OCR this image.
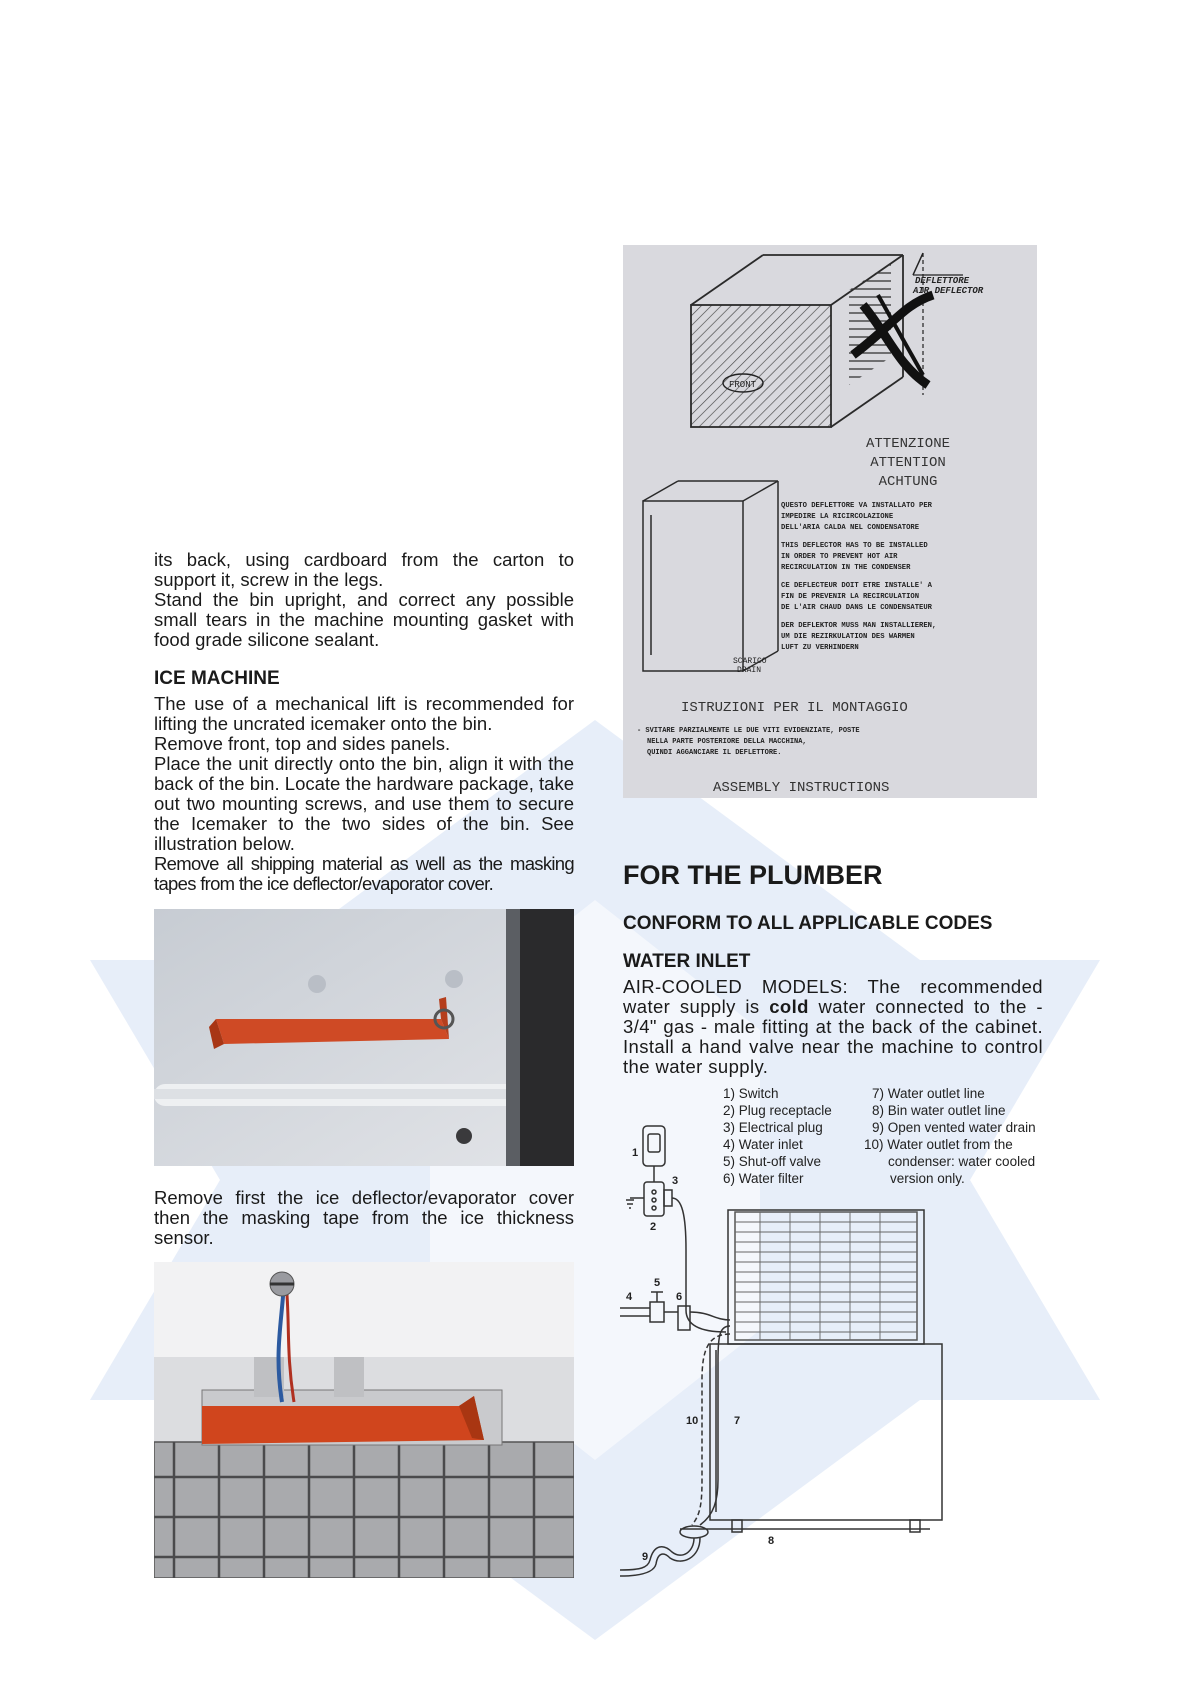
its back, using cardboard from the carton to support it, screw in the legs.

Stand the bin upright, and correct any possible small tears in the machine mounting gasket with food grade silicone sealant.

ICE MACHINE

The use of a mechanical lift is recommended for lifting the uncrated icemaker onto the bin.

Remove front, top and sides panels.

Place the unit directly onto the bin, align it with the back of the bin. Locate the hardware package, take out two mounting screws, and use them to secure the Icemaker to the two sides of the bin. See illustration below.

Remove all shipping material as well as the masking tapes from the ice deflector/evaporator cover.

Remove first the ice deflector/evaporator cover then the masking tape from the ice thickness sensor.

DEFLETTORE
AIR DEFLECTOR
FRONT
SCARICO
DRAIN
ATTENZIONE
ATTENTION
ACHTUNG
QUESTO DEFLETTORE VA INSTALLATO PER
IMPEDIRE LA RICIRCOLAZIONE
DELL'ARIA CALDA NEL CONDENSATORE
THIS DEFLECTOR HAS TO BE INSTALLED
IN ORDER TO PREVENT HOT AIR
RECIRCULATION IN THE CONDENSER
CE DEFLECTEUR DOIT ETRE INSTALLE' A
FIN DE PREVENIR LA RECIRCULATION
DE L'AIR CHAUD DANS LE CONDENSATEUR
DER DEFLEKTOR MUSS MAN INSTALLIEREN,
UM DIE REZIRKULATION DES WARMEN
LUFT ZU VERHINDERN
ISTRUZIONI PER IL MONTAGGIO
- SVITARE PARZIALMENTE LE DUE VITI EVIDENZIATE, POSTE
NELLA PARTE POSTERIORE DELLA MACCHINA,
QUINDI AGGANCIARE IL DEFLETTORE.
ASSEMBLY INSTRUCTIONS
FOR THE PLUMBER
CONFORM TO ALL APPLICABLE CODES
WATER INLET

AIR-COOLED MODELS: The recommended water supply is cold water connected to the - 3/4" gas - male fitting at the back of the cabinet. Install a hand valve near the machine to control the water supply.

1) Switch
2) Plug receptacle
3) Electrical plug
4) Water inlet
5) Shut-off valve
6) Water filter
7) Water outlet line
8) Bin water outlet line
9) Open vented water drain
10) Water outlet from the
condenser: water cooled
version only.
1
2
3
4
5
6
7
8
9
10
